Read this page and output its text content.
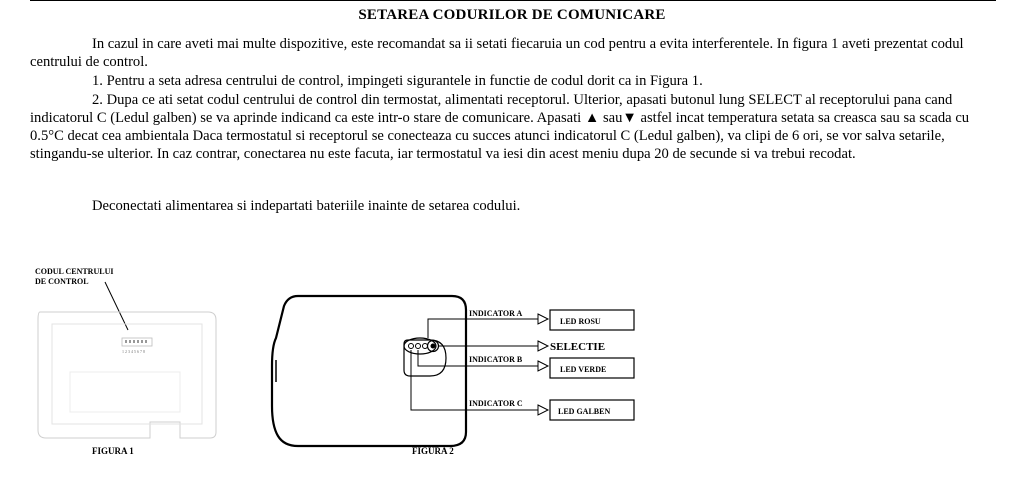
SETAREA CODURILOR DE COMUNICARE
In cazul in care aveti mai multe dispozitive, este recomandat sa ii setati fiecaruia un cod pentru a evita interferentele. In figura 1 aveti prezentat codul centrului de control.
1. Pentru a seta adresa centrului de control, impingeti sigurantele in functie de codul dorit ca in Figura 1.
2. Dupa ce ati setat codul centrului de control din termostat, alimentati receptorul. Ulterior, apasati butonul lung SELECT al receptorului pana cand indicatorul C (Ledul galben) se va aprinde indicand ca este intr-o stare de comunicare. Apasati ▲ sau▼ astfel incat temperatura setata sa creasca sau sa scada cu 0.5°C decat cea ambientala Daca termostatul si receptorul se conecteaza cu succes atunci indicatorul C (Ledul galben), va clipi de 6 ori, se vor salva setarile, stingandu-se ulterior. In caz contrar, conectarea nu este facuta, iar termostatul va iesi din acest meniu dupa 20 de secunde si va trebui recodat.
Deconectati alimentarea si indepartati bateriile inainte de setarea codului.
CODUL CENTRULUI
DE CONTROL
1 2 3 4 5 6 7 8
FIGURA 1
INDICATOR A
INDICATOR B
INDICATOR C
LED ROSU
SELECTIE
LED VERDE
LED GALBEN
FIGURA 2
